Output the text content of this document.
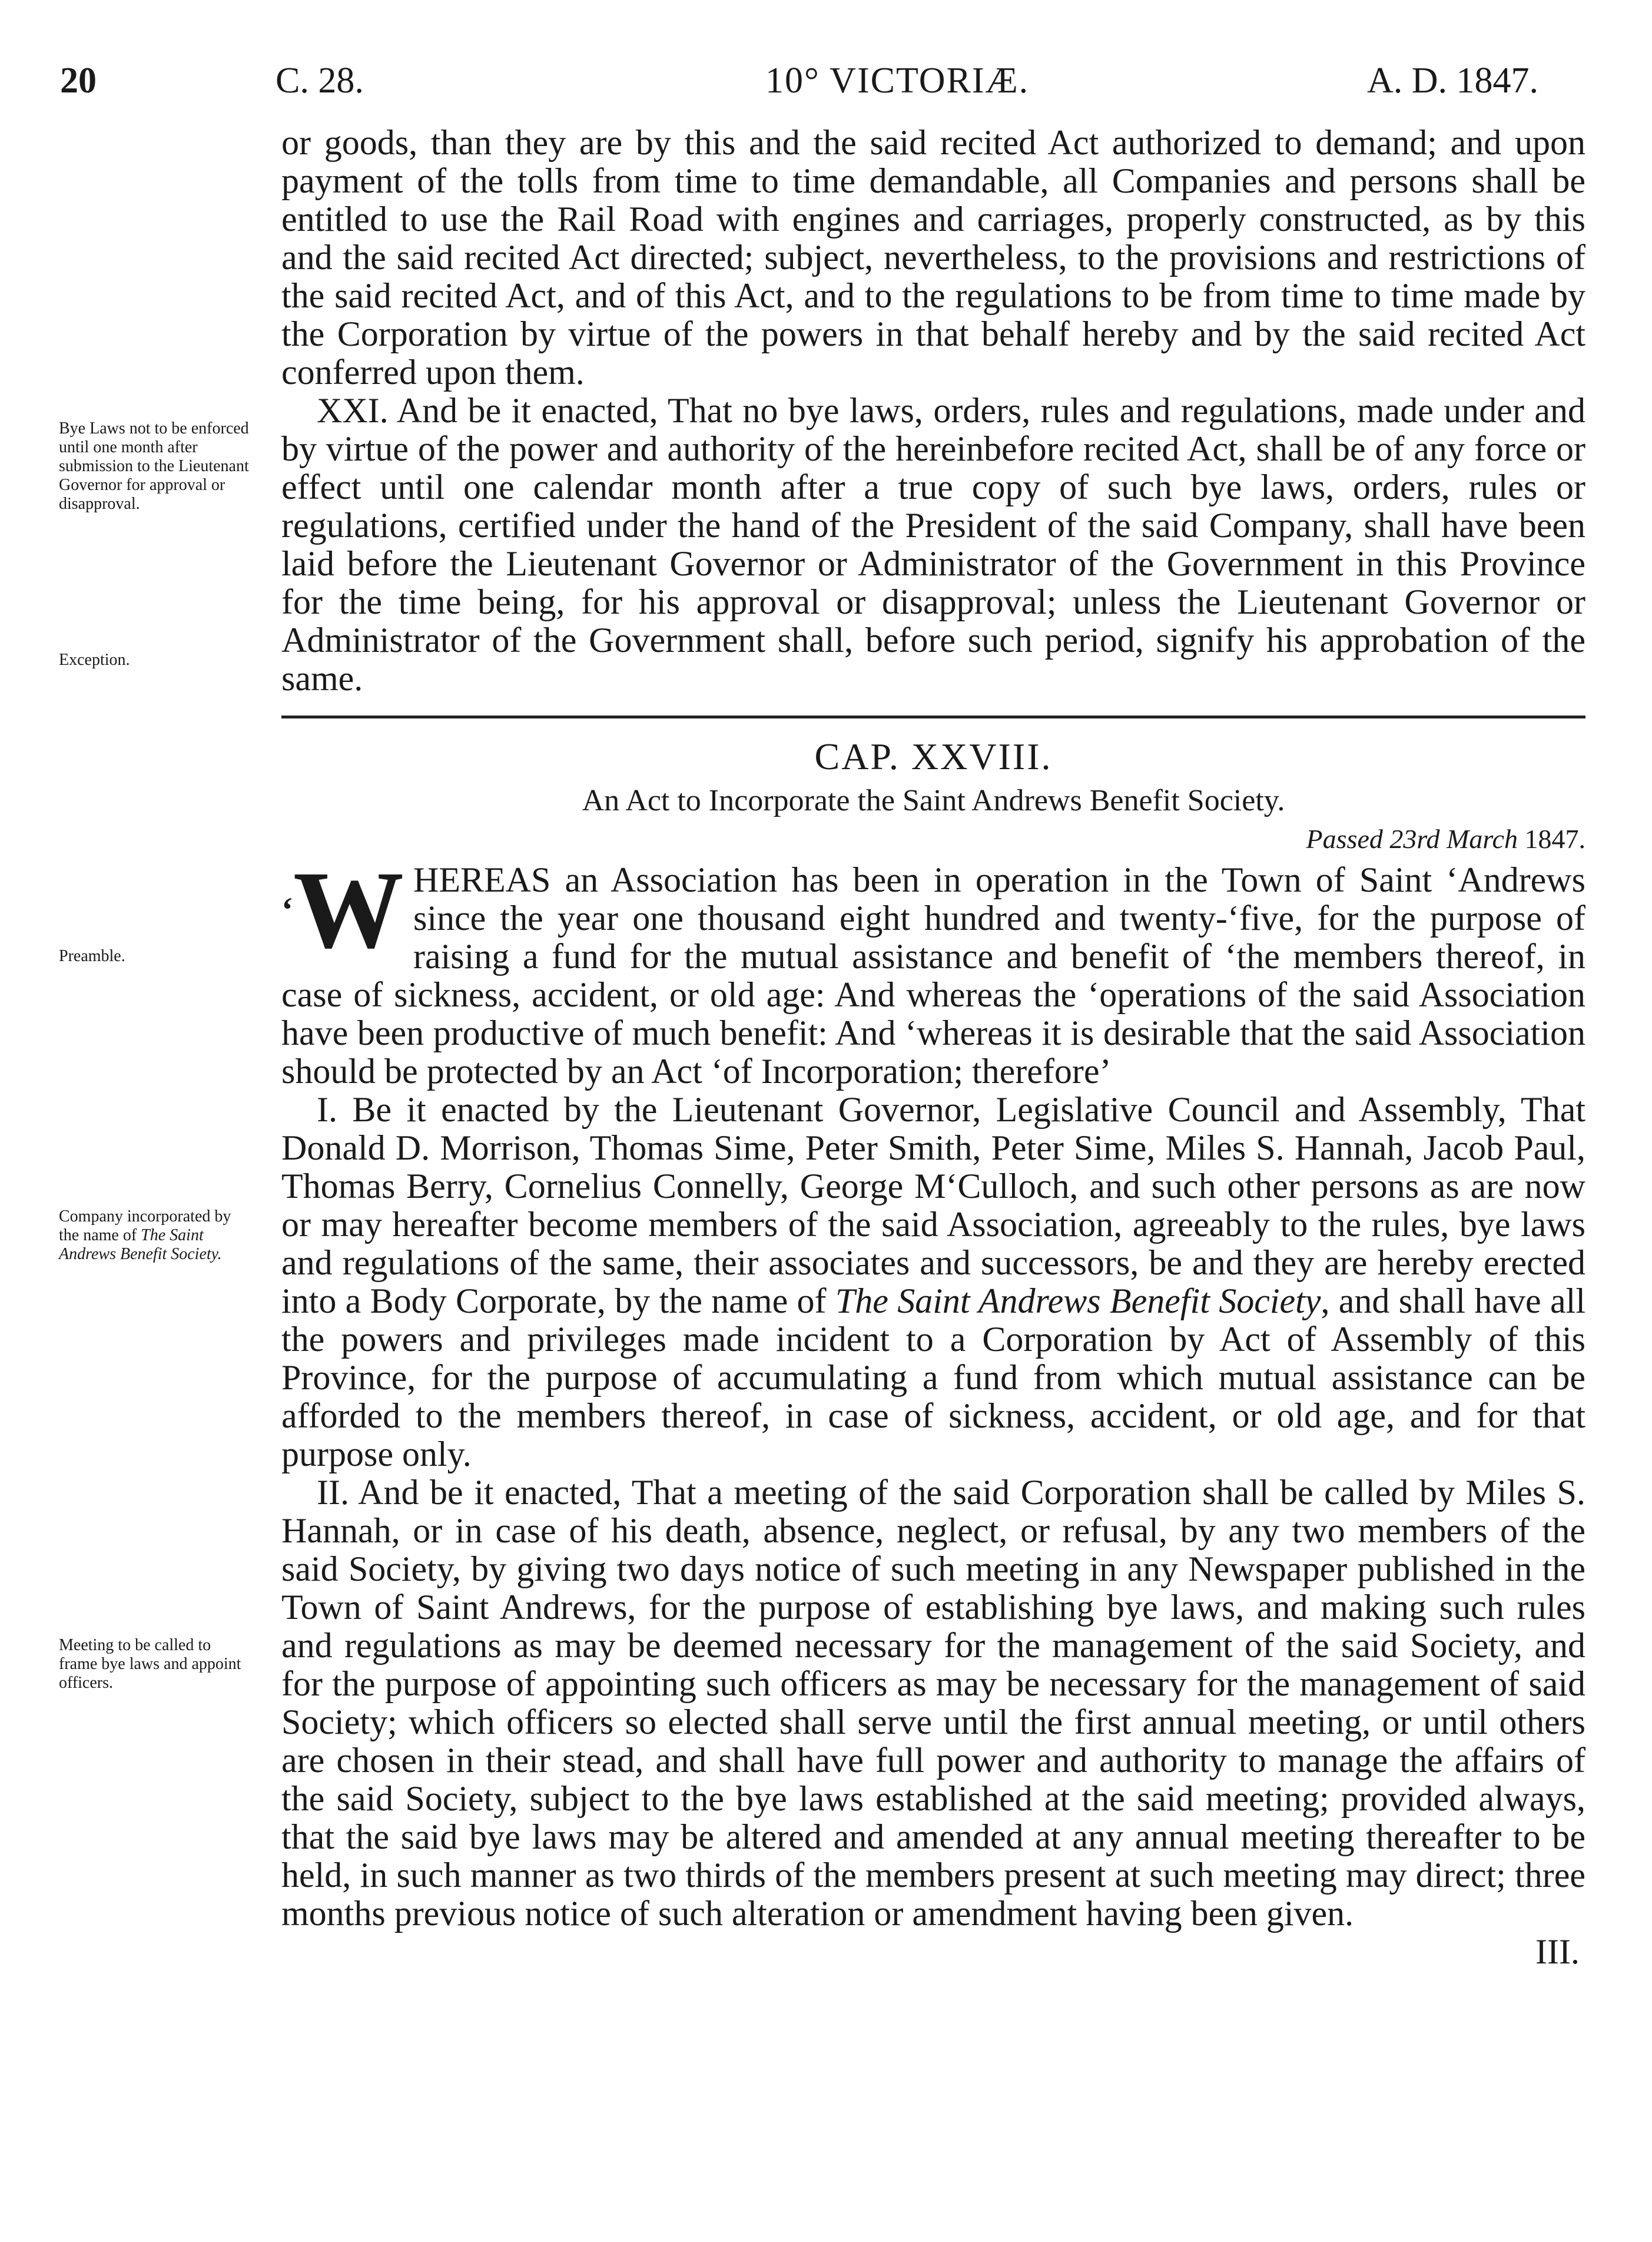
20	C. 28.	10° VICTORIÆ.	A. D. 1847.
Bye Laws not to be enforced until one month after submission to the Lieutenant Governor for approval or disapproval.
Exception.
Preamble.
Company incorporated by the name of The Saint Andrews Benefit Society.
Meeting to be called to frame bye laws and appoint officers.

or goods, than they are by this and the said recited Act authorized to demand; and upon payment of the tolls from time to time demandable, all Companies and persons shall be entitled to use the Rail Road with engines and carriages, properly constructed, as by this and the said recited Act directed; subject, nevertheless, to the provisions and restrictions of the said recited Act, and of this Act, and to the regulations to be from time to time made by the Corporation by virtue of the powers in that behalf hereby and by the said recited Act conferred upon them.

XXI. And be it enacted, That no bye laws, orders, rules and regulations, made under and by virtue of the power and authority of the hereinbefore recited Act, shall be of any force or effect until one calendar month after a true copy of such bye laws, orders, rules or regulations, certified under the hand of the President of the said Company, shall have been laid before the Lieutenant Governor or Administrator of the Government in this Province for the time being, for his approval or disapproval; unless the Lieutenant Governor or Administrator of the Government shall, before such period, signify his approbation of the same.

CAP. XXVIII.

An Act to Incorporate the Saint Andrews Benefit Society.

Passed 23rd March 1847.

‘W HEREAS an Association has been in operation in the Town of Saint ‘Andrews since the year one thousand eight hundred and twenty-‘five, for the purpose of raising a fund for the mutual assistance and benefit of ‘the members thereof, in case of sickness, accident, or old age: And whereas the ‘operations of the said Association have been productive of much benefit: And ‘whereas it is desirable that the said Association should be protected by an Act ‘of Incorporation; therefore’

I. Be it enacted by the Lieutenant Governor, Legislative Council and Assembly, That Donald D. Morrison, Thomas Sime, Peter Smith, Peter Sime, Miles S. Hannah, Jacob Paul, Thomas Berry, Cornelius Connelly, George M‘Culloch, and such other persons as are now or may hereafter become members of the said Association, agreeably to the rules, bye laws and regulations of the same, their associates and successors, be and they are hereby erected into a Body Corporate, by the name of The Saint Andrews Benefit Society, and shall have all the powers and privileges made incident to a Corporation by Act of Assembly of this Province, for the purpose of accumulating a fund from which mutual assistance can be afforded to the members thereof, in case of sickness, accident, or old age, and for that purpose only.

II. And be it enacted, That a meeting of the said Corporation shall be called by Miles S. Hannah, or in case of his death, absence, neglect, or refusal, by any two members of the said Society, by giving two days notice of such meeting in any Newspaper published in the Town of Saint Andrews, for the purpose of establishing bye laws, and making such rules and regulations as may be deemed necessary for the management of the said Society, and for the purpose of appointing such officers as may be necessary for the management of said Society; which officers so elected shall serve until the first annual meeting, or until others are chosen in their stead, and shall have full power and authority to manage the affairs of the said Society, subject to the bye laws established at the said meeting; provided always, that the said bye laws may be altered and amended at any annual meeting thereafter to be held, in such manner as two thirds of the members present at such meeting may direct; three months previous notice of such alteration or amendment having been given.

III.
